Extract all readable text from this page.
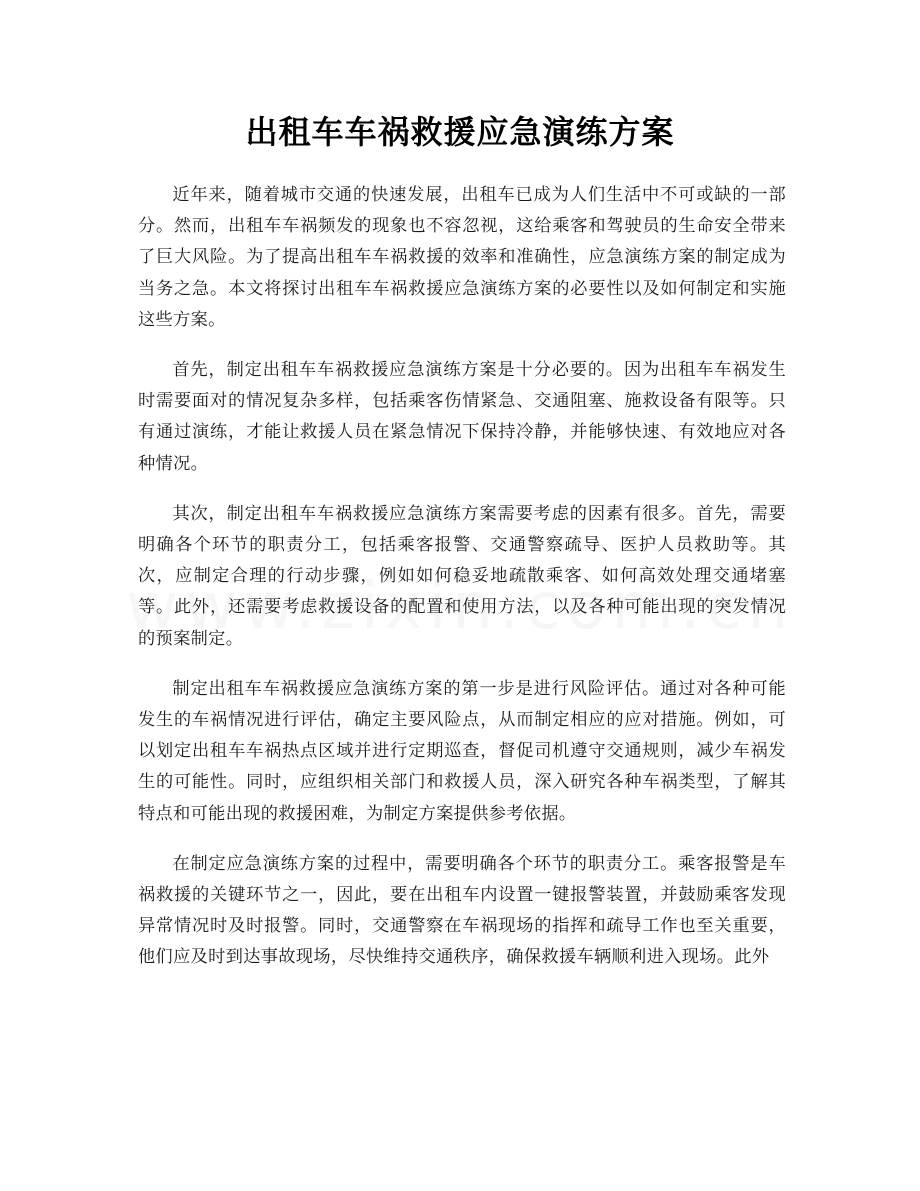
出租车车祸救援应急演练方案

近年来，随着城市交通的快速发展，出租车已成为人们生活中不可或缺的一部分。然而，出租车车祸频发的现象也不容忽视，这给乘客和驾驶员的生命安全带来了巨大风险。为了提高出租车车祸救援的效率和准确性，应急演练方案的制定成为当务之急。本文将探讨出租车车祸救援应急演练方案的必要性以及如何制定和实施这些方案。

首先，制定出租车车祸救援应急演练方案是十分必要的。因为出租车车祸发生时需要面对的情况复杂多样，包括乘客伤情紧急、交通阻塞、施救设备有限等。只有通过演练，才能让救援人员在紧急情况下保持冷静，并能够快速、有效地应对各种情况。

其次，制定出租车车祸救援应急演练方案需要考虑的因素有很多。首先，需要明确各个环节的职责分工，包括乘客报警、交通警察疏导、医护人员救助等。其次，应制定合理的行动步骤，例如如何稳妥地疏散乘客、如何高效处理交通堵塞等。此外，还需要考虑救援设备的配置和使用方法，以及各种可能出现的突发情况的预案制定。

制定出租车车祸救援应急演练方案的第一步是进行风险评估。通过对各种可能发生的车祸情况进行评估，确定主要风险点，从而制定相应的应对措施。例如，可以划定出租车车祸热点区域并进行定期巡查，督促司机遵守交通规则，减少车祸发生的可能性。同时，应组织相关部门和救援人员，深入研究各种车祸类型，了解其特点和可能出现的救援困难，为制定方案提供参考依据。

在制定应急演练方案的过程中，需要明确各个环节的职责分工。乘客报警是车祸救援的关键环节之一，因此，要在出租车内设置一键报警装置，并鼓励乘客发现异常情况时及时报警。同时，交通警察在车祸现场的指挥和疏导工作也至关重要，他们应及时到达事故现场，尽快维持交通秩序，确保救援车辆顺利进入现场。此外
